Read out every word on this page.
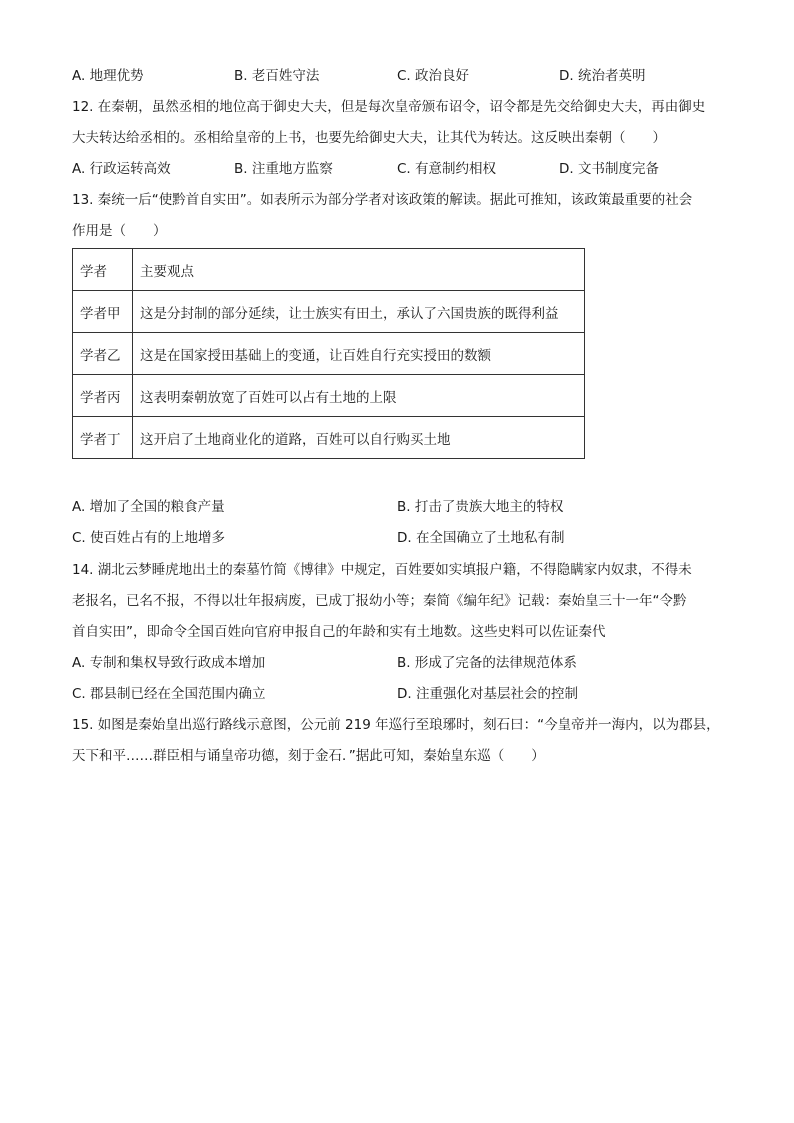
A. 地理优势	B. 老百姓守法	C. 政治良好	D. 统治者英明
12. 在秦朝，虽然丞相的地位高于御史大夫，但是每次皇帝颁布诏令，诏令都是先交给御史大夫，再由御史
大夫转达给丞相的。丞相给皇帝的上书，也要先给御史大夫，让其代为转达。这反映出秦朝（　　）
A. 行政运转高效	B. 注重地方监察	C. 有意制约相权	D. 文书制度完备
13. 秦统一后“使黔首自实田”。如表所示为部分学者对该政策的解读。据此可推知，该政策最重要的社会
作用是（　　）
学者	主要观点
学者甲	这是分封制的部分延续，让士族实有田土，承认了六国贵族的既得利益
学者乙	这是在国家授田基础上的变通，让百姓自行充实授田的数额
学者丙	这表明秦朝放宽了百姓可以占有土地的上限
学者丁	这开启了土地商业化的道路，百姓可以自行购买土地
A. 增加了全国的粮食产量	B. 打击了贵族大地主的特权
C. 使百姓占有的上地增多	D. 在全国确立了土地私有制
14. 湖北云梦睡虎地出土的秦墓竹简《博律》中规定，百姓要如实填报户籍，不得隐瞒家内奴隶，不得未
老报名，已名不报，不得以壮年报病废，已成丁报幼小等；秦简《编年纪》记载：秦始皇三十一年“令黔
首自实田”，即命令全国百姓向官府申报自己的年龄和实有土地数。这些史料可以佐证秦代
A. 专制和集权导致行政成本增加	B. 形成了完备的法律规范体系
C. 郡县制已经在全国范围内确立	D. 注重强化对基层社会的控制
15. 如图是秦始皇出巡行路线示意图，公元前 219 年巡行至琅琊时，刻石曰：“今皇帝并一海内，以为郡县，
天下和平……群臣相与诵皇帝功德，刻于金石．”据此可知，秦始皇东巡（　　）
